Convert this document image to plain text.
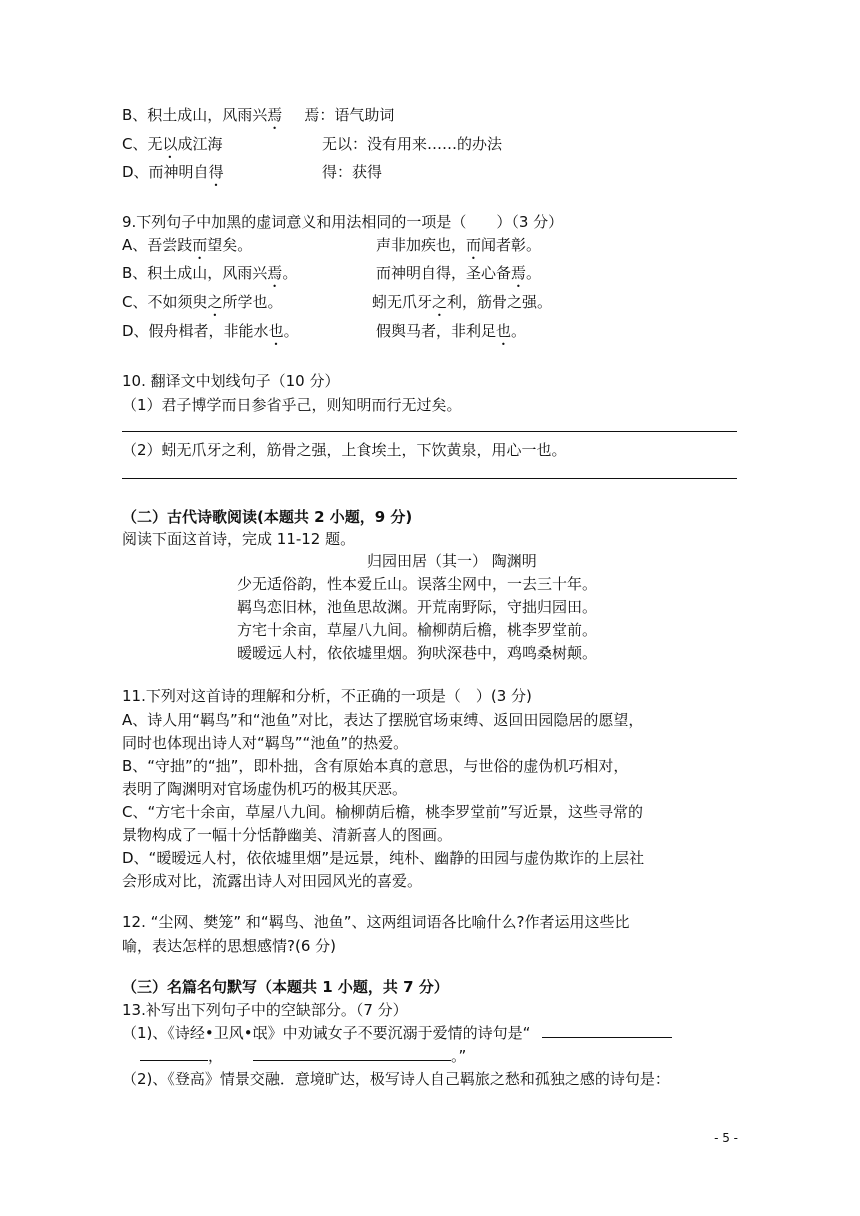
B、积土成山，风雨兴焉 焉：语气助词
C、无以成江海	无以：没有用来……的办法
D、而神明自得	得：获得
9.下列句子中加黑的虚词意义和用法相同的一项是（　　）（3 分）
A、吾尝跂而望矣。	声非加疾也，而闻者彰。
B、积土成山，风雨兴焉。	而神明自得，圣心备焉。
C、不如须臾之所学也。	蚓无爪牙之利，筋骨之强。
D、假舟楫者，非能水也。	假舆马者，非利足也。
10. 翻译文中划线句子（10 分）
（1）君子博学而日参省乎己，则知明而行无过矣。
（2）蚓无爪牙之利，筋骨之强，上食埃土，下饮黄泉，用心一也。
（二）古代诗歌阅读(本题共 2 小题，9 分)
阅读下面这首诗，完成 11-12 题。
归园田居（其一） 陶渊明
少无适俗韵，性本爱丘山。误落尘网中，一去三十年。
羁鸟恋旧林，池鱼思故渊。开荒南野际，守拙归园田。
方宅十余亩，草屋八九间。榆柳荫后檐，桃李罗堂前。
暧暧远人村，依依墟里烟。狗吠深巷中，鸡鸣桑树颠。
11.下列对这首诗的理解和分析，不正确的一项是（　）(3 分)
A、诗人用“羁鸟”和“池鱼”对比，表达了摆脱官场束缚、返回田园隐居的愿望，
同时也体现出诗人对“羁鸟”“池鱼”的热爱。
B、“守拙”的“拙”，即朴拙，含有原始本真的意思，与世俗的虚伪机巧相对，
表明了陶渊明对官场虚伪机巧的极其厌恶。
C、“方宅十余亩，草屋八九间。榆柳荫后檐，桃李罗堂前”写近景，这些寻常的
景物构成了一幅十分恬静幽美、清新喜人的图画。
D、“暧暧远人村，依依墟里烟”是远景，纯朴、幽静的田园与虚伪欺诈的上层社
会形成对比，流露出诗人对田园风光的喜爱。
12. “尘网、樊笼” 和“羁鸟、池鱼”、这两组词语各比喻什么?作者运用这些比
喻，表达怎样的思想感情?(6 分)
（三）名篇名句默写（本题共 1 小题，共 7 分）
13.补写出下列句子中的空缺部分。（7 分）
（1)、《诗经•卫风•氓》中劝诫女子不要沉溺于爱情的诗句是“
，	。”
（2)、《登高》情景交融．意境旷达，极写诗人自己羁旅之愁和孤独之感的诗句是：
- 5 -
